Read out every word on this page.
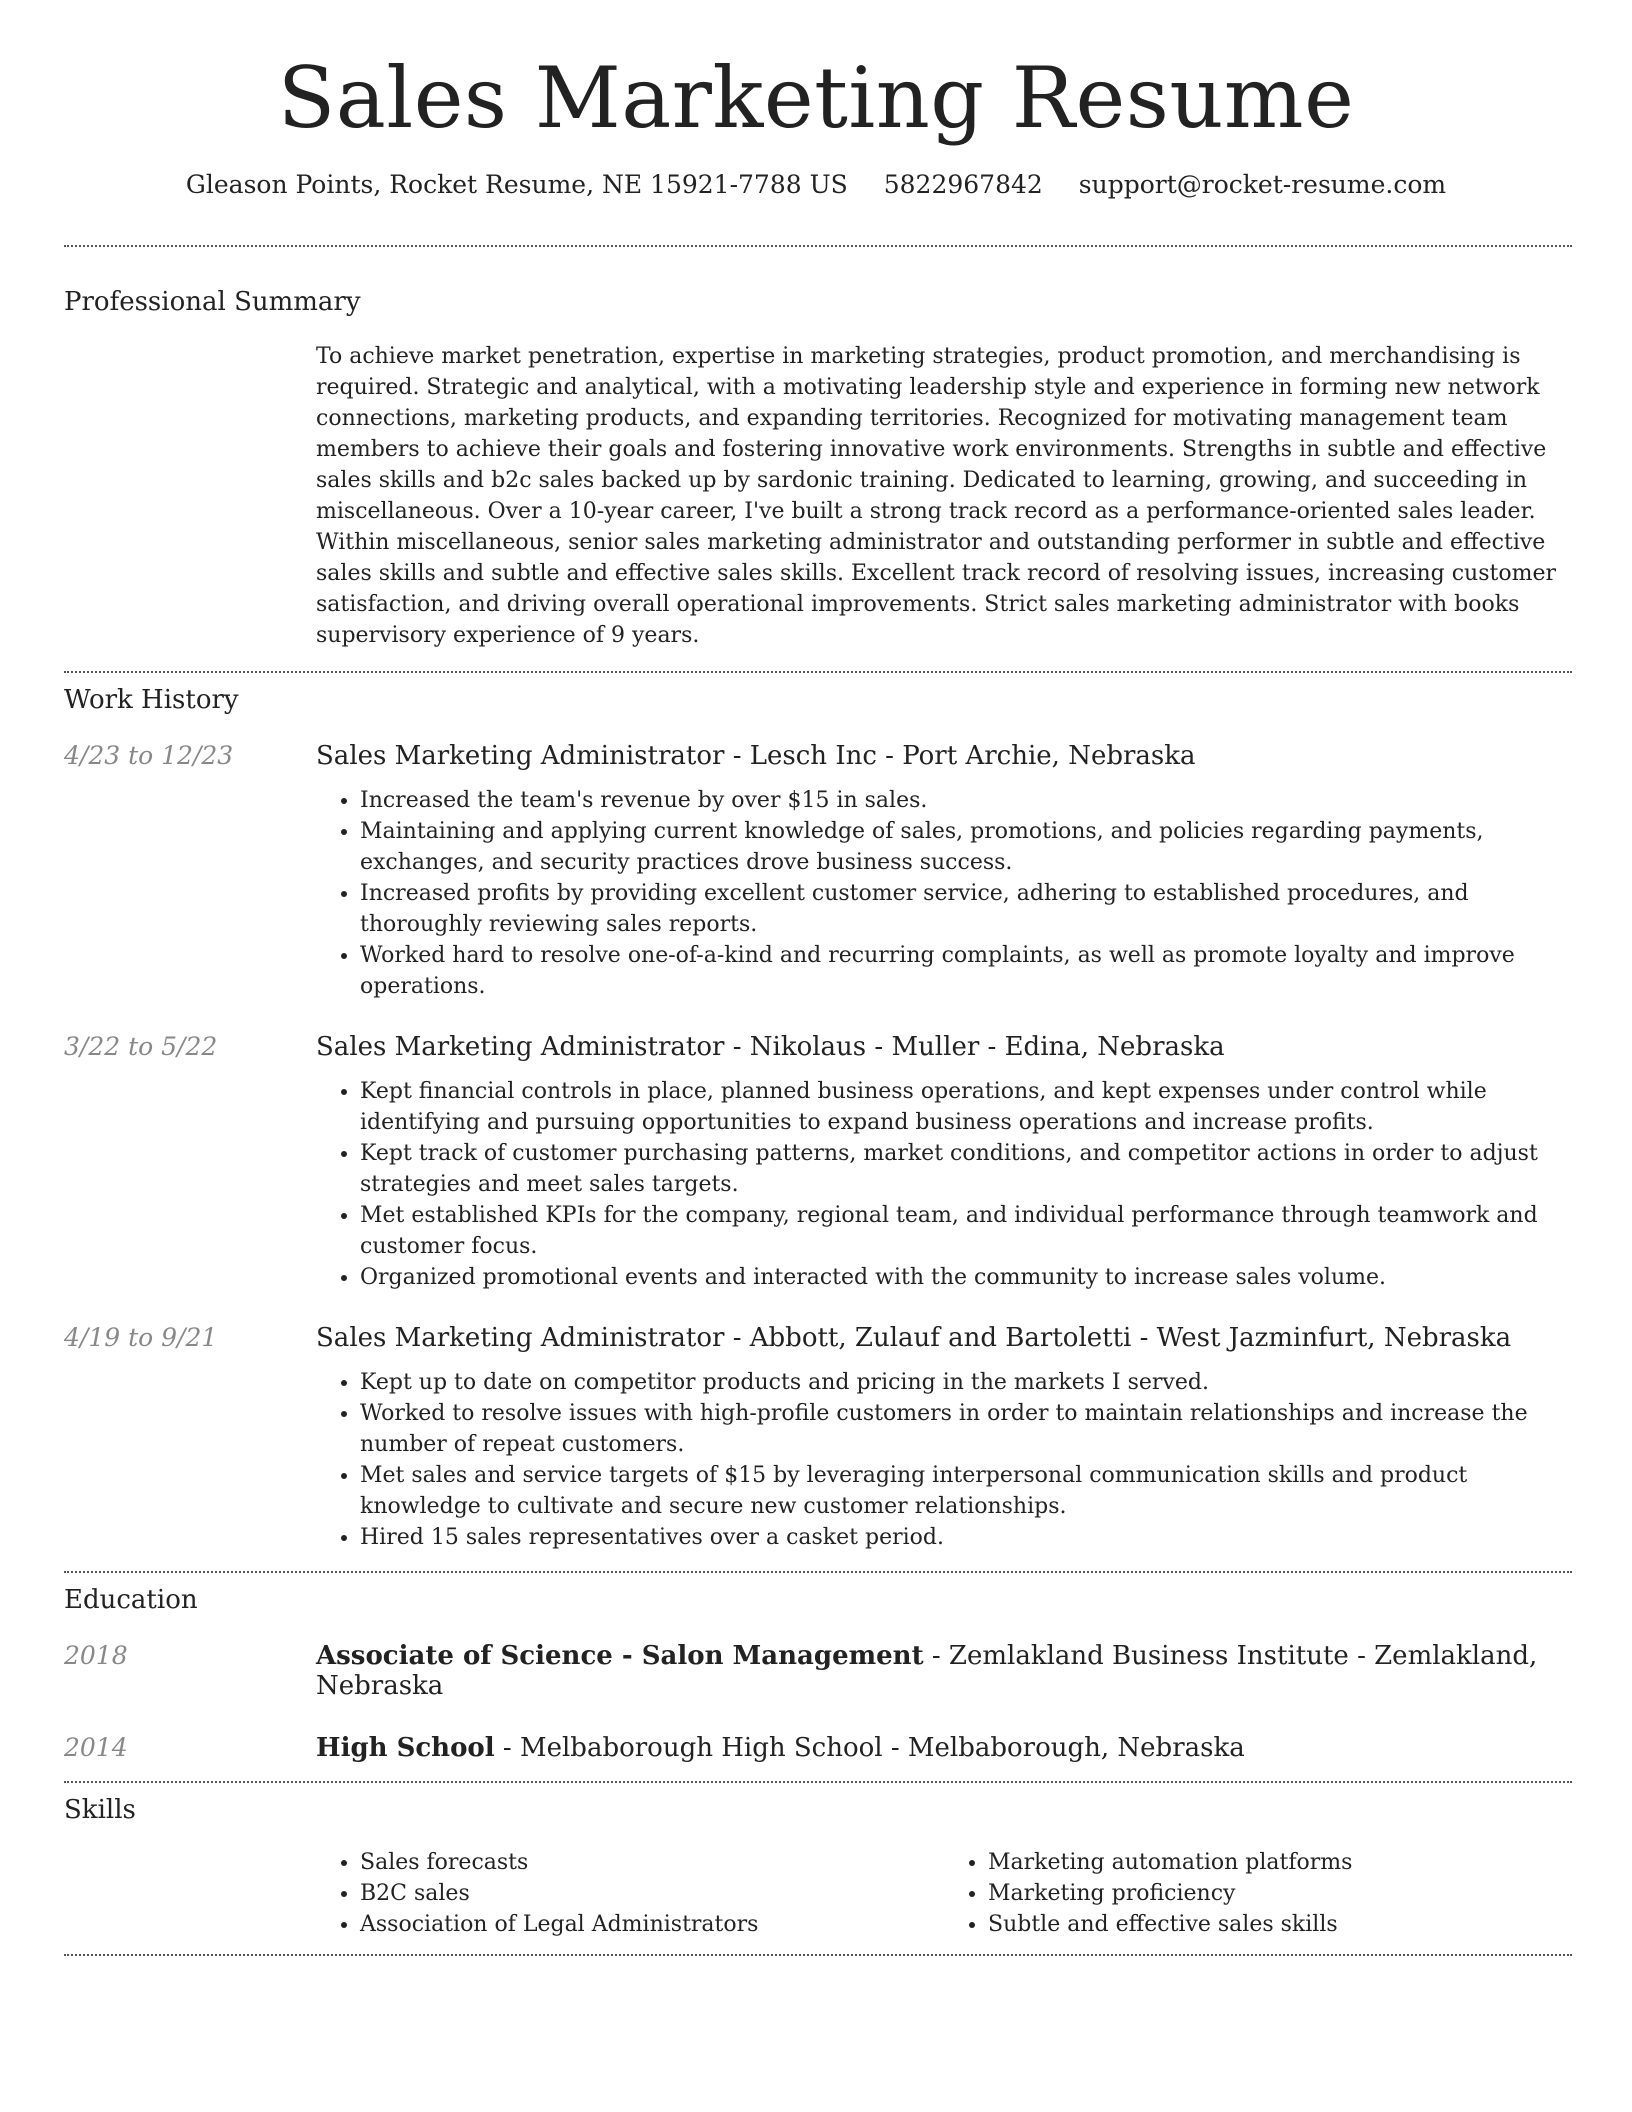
Sales Marketing Resume
Gleason Points, Rocket Resume, NE 15921-7788 US 5822967842 support@rocket-resume.com
Professional Summary
To achieve market penetration, expertise in marketing strategies, product promotion, and merchandising is required. Strategic and analytical, with a motivating leadership style and experience in forming new network connections, marketing products, and expanding territories. Recognized for motivating management team members to achieve their goals and fostering innovative work environments. Strengths in subtle and effective sales skills and b2c sales backed up by sardonic training. Dedicated to learning, growing, and succeeding in miscellaneous. Over a 10-year career, I've built a strong track record as a performance-oriented sales leader. Within miscellaneous, senior sales marketing administrator and outstanding performer in subtle and effective sales skills and subtle and effective sales skills. Excellent track record of resolving issues, increasing customer satisfaction, and driving overall operational improvements. Strict sales marketing administrator with books supervisory experience of 9 years.
Work History
4/23 to 12/23	Sales Marketing Administrator - Lesch Inc - Port Archie, Nebraska
• Increased the team's revenue by over $15 in sales.
• Maintaining and applying current knowledge of sales, promotions, and policies regarding payments, exchanges, and security practices drove business success.
• Increased profits by providing excellent customer service, adhering to established procedures, and thoroughly reviewing sales reports.
• Worked hard to resolve one-of-a-kind and recurring complaints, as well as promote loyalty and improve operations.
3/22 to 5/22	Sales Marketing Administrator - Nikolaus - Muller - Edina, Nebraska
• Kept financial controls in place, planned business operations, and kept expenses under control while identifying and pursuing opportunities to expand business operations and increase profits.
• Kept track of customer purchasing patterns, market conditions, and competitor actions in order to adjust strategies and meet sales targets.
• Met established KPIs for the company, regional team, and individual performance through teamwork and customer focus.
• Organized promotional events and interacted with the community to increase sales volume.
4/19 to 9/21	Sales Marketing Administrator - Abbott, Zulauf and Bartoletti - West Jazminfurt, Nebraska
• Kept up to date on competitor products and pricing in the markets I served.
• Worked to resolve issues with high-profile customers in order to maintain relationships and increase the number of repeat customers.
• Met sales and service targets of $15 by leveraging interpersonal communication skills and product knowledge to cultivate and secure new customer relationships.
• Hired 15 sales representatives over a casket period.
Education
2018	Associate of Science - Salon Management - Zemlakland Business Institute - Zemlakland, Nebraska
2014	High School - Melbaborough High School - Melbaborough, Nebraska
Skills
• Sales forecasts
• B2C sales
• Association of Legal Administrators
• Marketing automation platforms
• Marketing proficiency
• Subtle and effective sales skills
